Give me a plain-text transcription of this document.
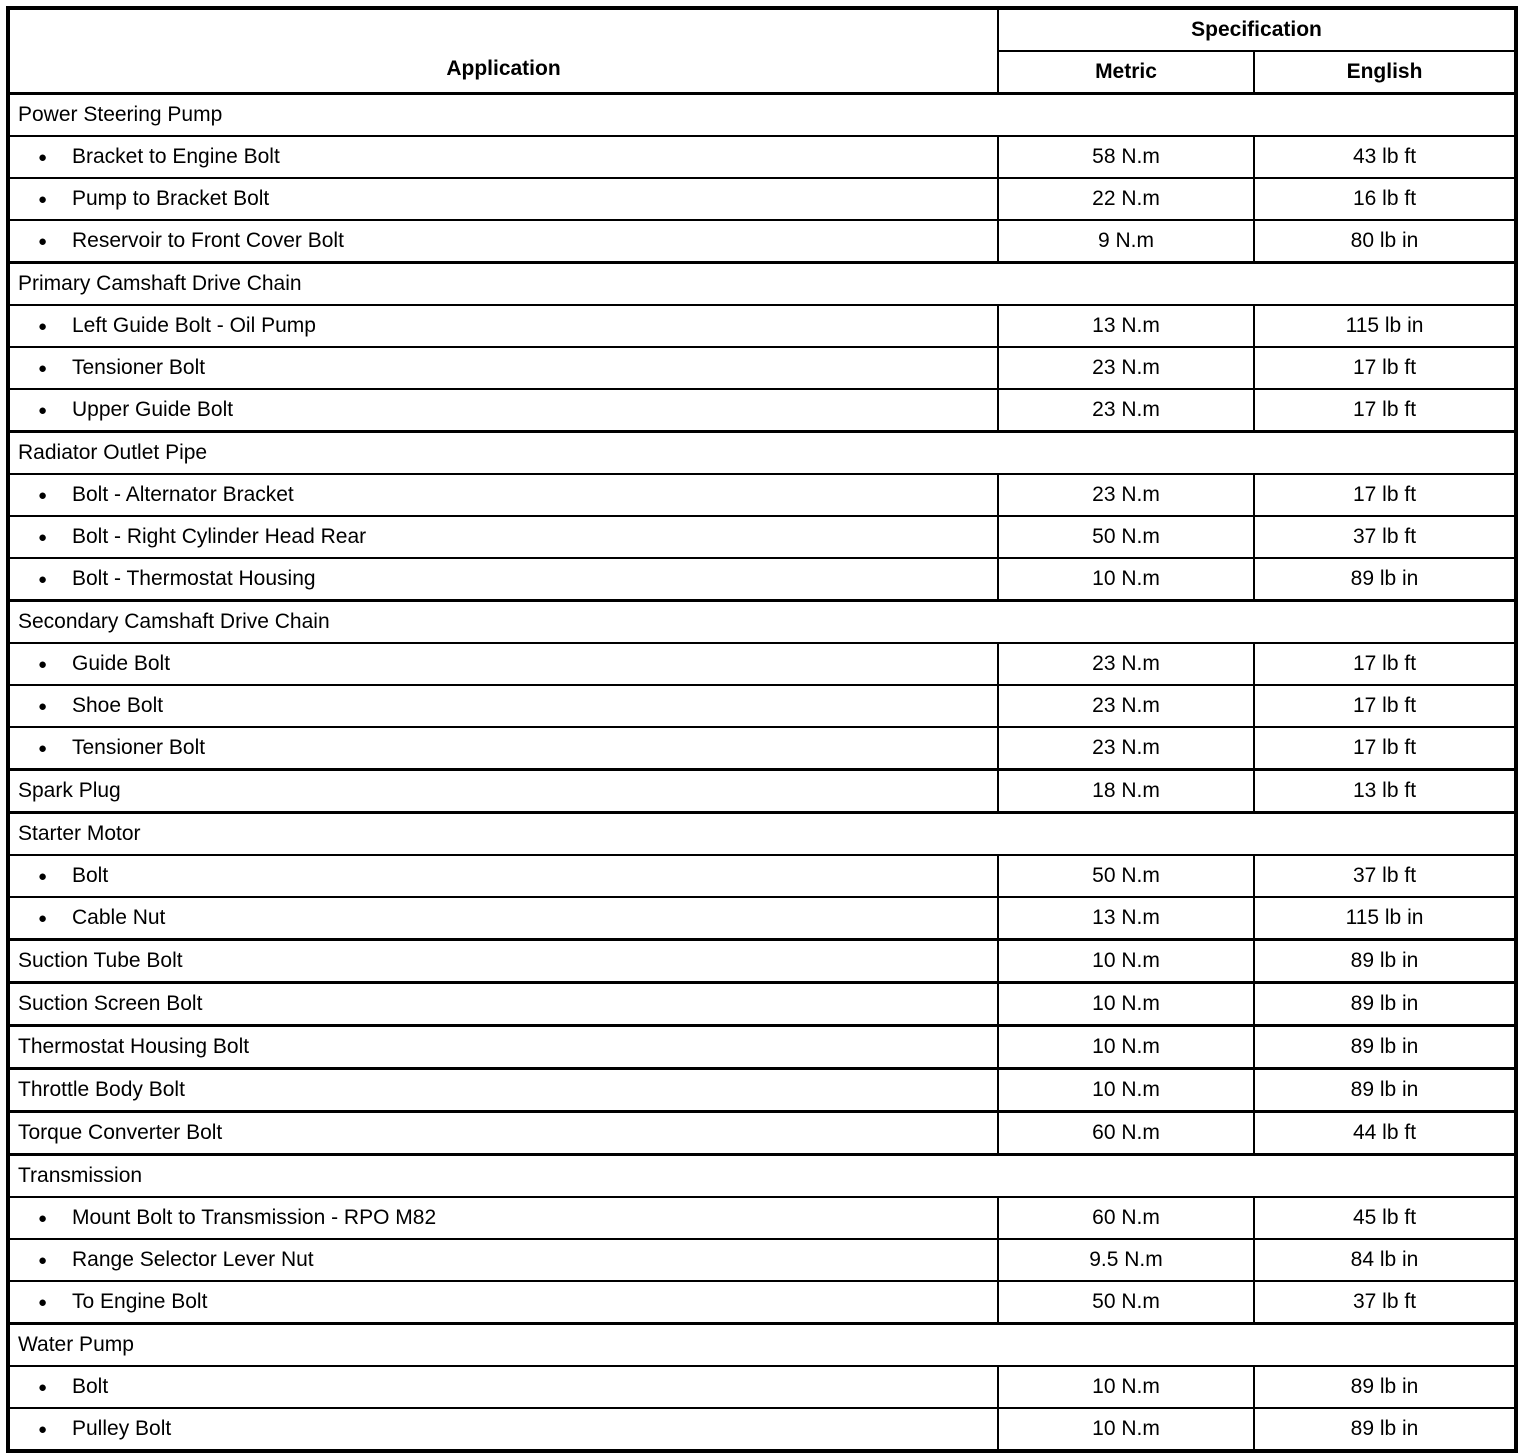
Application	Specification	
	Metric	English
Power Steering Pump		
● Bracket to Engine Bolt	58 N.m	43 lb ft
● Pump to Bracket Bolt	22 N.m	16 lb ft
● Reservoir to Front Cover Bolt	9 N.m	80 lb in
Primary Camshaft Drive Chain		
● Left Guide Bolt - Oil Pump	13 N.m	115 lb in
● Tensioner Bolt	23 N.m	17 lb ft
● Upper Guide Bolt	23 N.m	17 lb ft
Radiator Outlet Pipe		
● Bolt - Alternator Bracket	23 N.m	17 lb ft
● Bolt - Right Cylinder Head Rear	50 N.m	37 lb ft
● Bolt - Thermostat Housing	10 N.m	89 lb in
Secondary Camshaft Drive Chain		
● Guide Bolt	23 N.m	17 lb ft
● Shoe Bolt	23 N.m	17 lb ft
● Tensioner Bolt	23 N.m	17 lb ft
Spark Plug	18 N.m	13 lb ft
Starter Motor		
● Bolt	50 N.m	37 lb ft
● Cable Nut	13 N.m	115 lb in
Suction Tube Bolt	10 N.m	89 lb in
Suction Screen Bolt	10 N.m	89 lb in
Thermostat Housing Bolt	10 N.m	89 lb in
Throttle Body Bolt	10 N.m	89 lb in
Torque Converter Bolt	60 N.m	44 lb ft
Transmission		
● Mount Bolt to Transmission - RPO M82	60 N.m	45 lb ft
● Range Selector Lever Nut	9.5 N.m	84 lb in
● To Engine Bolt	50 N.m	37 lb ft
Water Pump		
● Bolt	10 N.m	89 lb in
● Pulley Bolt	10 N.m	89 lb in
